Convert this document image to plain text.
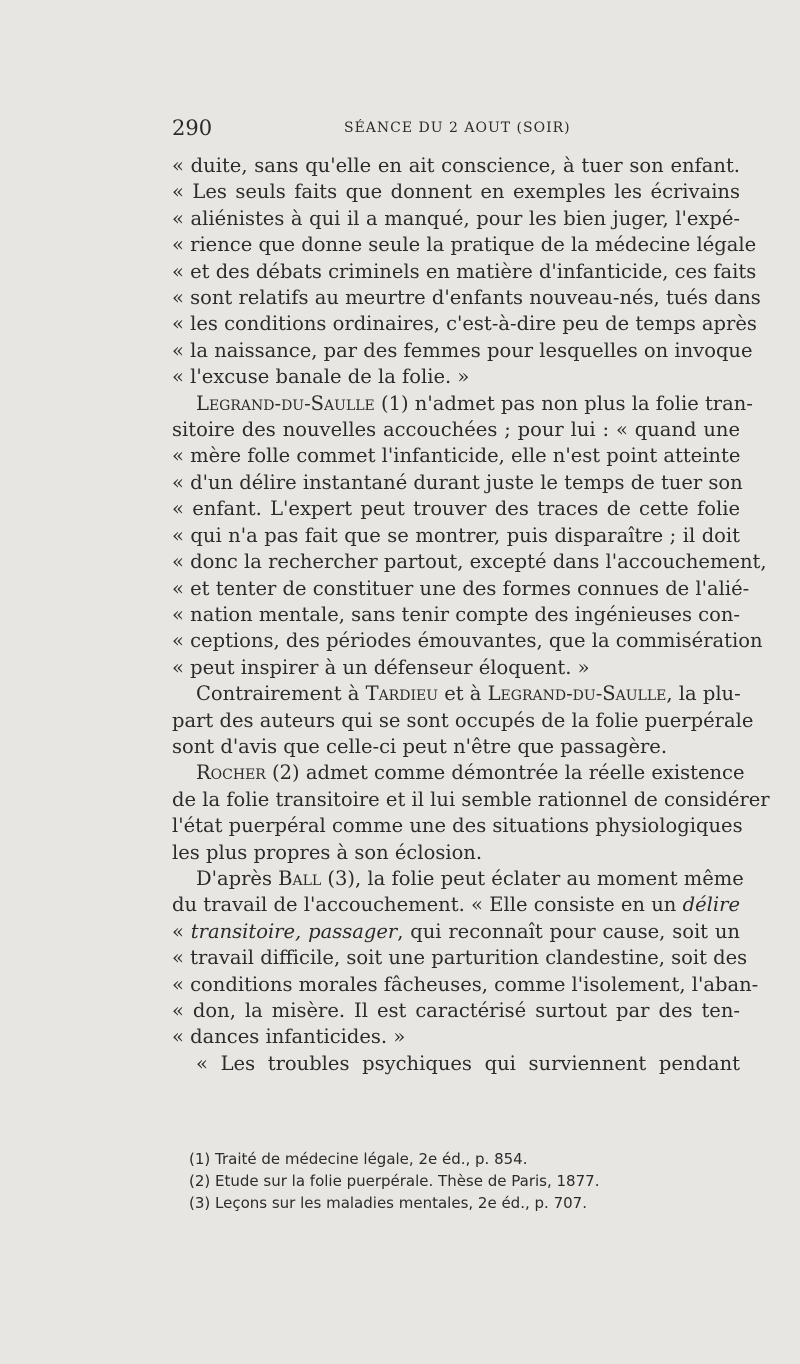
290	SÉANCE DU 2 AOUT (SOIR)
« duite, sans qu'elle en ait conscience, à tuer son enfant.
« Les seuls faits que donnent en exemples les écrivains
« aliénistes à qui il a manqué, pour les bien juger, l'expé-
« rience que donne seule la pratique de la médecine légale
« et des débats criminels en matière d'infanticide, ces faits
« sont relatifs au meurtre d'enfants nouveau-nés, tués dans
« les conditions ordinaires, c'est-à-dire peu de temps après
« la naissance, par des femmes pour lesquelles on invoque
« l'excuse banale de la folie. »
Legrand-du-Saulle (1) n'admet pas non plus la folie tran-
sitoire des nouvelles accouchées ; pour lui : « quand une
« mère folle commet l'infanticide, elle n'est point atteinte
« d'un délire instantané durant juste le temps de tuer son
« enfant. L'expert peut trouver des traces de cette folie
« qui n'a pas fait que se montrer, puis disparaître ; il doit
« donc la rechercher partout, excepté dans l'accouchement,
« et tenter de constituer une des formes connues de l'alié-
« nation mentale, sans tenir compte des ingénieuses con-
« ceptions, des périodes émouvantes, que la commisération
« peut inspirer à un défenseur éloquent. »
Contrairement à Tardieu et à Legrand-du-Saulle, la plu-
part des auteurs qui se sont occupés de la folie puerpérale
sont d'avis que celle-ci peut n'être que passagère.
Rocher (2) admet comme démontrée la réelle existence
de la folie transitoire et il lui semble rationnel de considérer
l'état puerpéral comme une des situations physiologiques
les plus propres à son éclosion.
D'après Ball (3), la folie peut éclater au moment même
du travail de l'accouchement. « Elle consiste en un délire
« transitoire, passager, qui reconnaît pour cause, soit un
« travail difficile, soit une parturition clandestine, soit des
« conditions morales fâcheuses, comme l'isolement, l'aban-
« don, la misère. Il est caractérisé surtout par des ten-
« dances infanticides. »
« Les troubles psychiques qui surviennent pendant
(1) Traité de médecine légale, 2e éd., p. 854.
(2) Etude sur la folie puerpérale. Thèse de Paris, 1877.
(3) Leçons sur les maladies mentales, 2e éd., p. 707.
